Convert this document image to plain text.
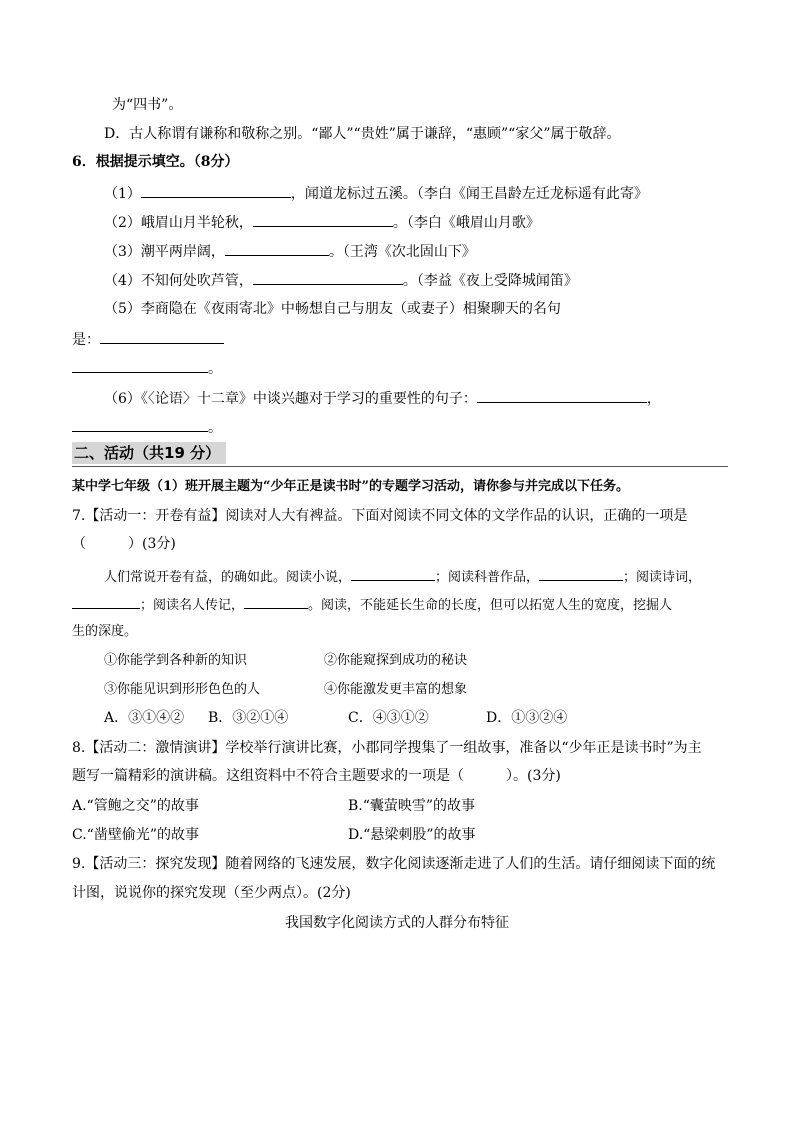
为“四书”。
D．古人称谓有谦称和敬称之别。“鄙人”“贵姓”属于谦辞，“惠顾”“家父”属于敬辞。
6．根据提示填空。（8分）
（1）	，闻道龙标过五溪。（李白《闻王昌龄左迁龙标遥有此寄》
（2）峨眉山月半轮秋，	。（李白《峨眉山月歌》
（3）潮平两岸阔，	。（王湾《次北固山下》
（4）不知何处吹芦管，	。（李益《夜上受降城闻笛》
（5）李商隐在《夜雨寄北》中畅想自己与朋友（或妻子）相聚聊天的名句
是：
。
（6）《〈论语〉十二章》中谈兴趣对于学习的重要性的句子：	，
。
二、活动（共19 分）
某中学七年级（1）班开展主题为“少年正是读书时”的专题学习活动，请你参与并完成以下任务。
7.【活动一：开卷有益】阅读对人大有裨益。下面对阅读不同文体的文学作品的认识，正确的一项是
（　　　）(3分)
人们常说开卷有益，的确如此。阅读小说，	；阅读科普作品，	；阅读诗词，
；阅读名人传记，	。阅读，不能延长生命的长度，但可以拓宽人生的宽度，挖掘人
生的深度。
①你能学到各种新的知识	②你能窥探到成功的秘诀
③你能见识到形形色色的人	④你能激发更丰富的想象
A．③①④② B．③②①④	C．④③①②	D．①③②④
8.【活动二：激情演讲】学校举行演讲比赛，小郡同学搜集了一组故事，准备以“少年正是读书时”为主
题写一篇精彩的演讲稿。这组资料中不符合主题要求的一项是（　　　）。(3分)
A.“管鲍之交”的故事	B.“囊萤映雪”的故事
C.“凿壁偷光”的故事	D.“悬梁刺股”的故事
9.【活动三：探究发现】随着网络的飞速发展，数字化阅读逐渐走进了人们的生活。请仔细阅读下面的统
计图，说说你的探究发现（至少两点）。(2分)
我国数字化阅读方式的人群分布特征
